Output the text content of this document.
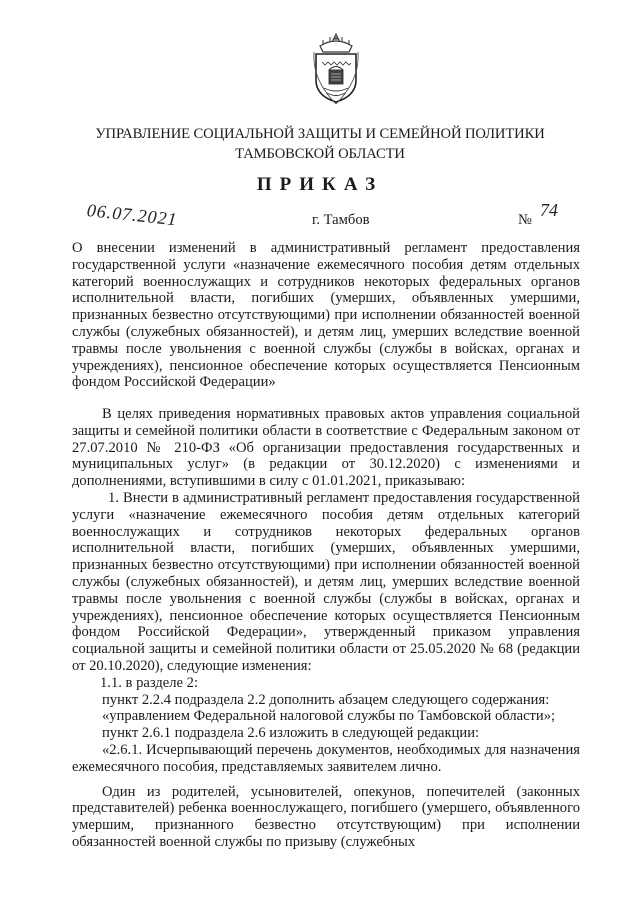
УПРАВЛЕНИЕ СОЦИАЛЬНОЙ ЗАЩИТЫ И СЕМЕЙНОЙ ПОЛИТИКИ
ТАМБОВСКОЙ ОБЛАСТИ
ПРИКАЗ
06.07.2021	г. Тамбов	№ 74

О внесении изменений в административный регламент предоставления государственной услуги «назначение ежемесячного пособия детям отдельных категорий военнослужащих и сотрудников некоторых федеральных органов исполнительной власти, погибших (умерших, объявленных умершими, признанных безвестно отсутствующими) при исполнении обязанностей военной службы (служебных обязанностей), и детям лиц, умерших вследствие военной травмы после увольнения с военной службы (службы в войсках, органах и учреждениях), пенсионное обеспечение которых осуществляется Пенсионным фондом Российской Федерации»

В целях приведения нормативных правовых актов управления социальной защиты и семейной политики области в соответствие с Федеральным законом от 27.07.2010 № 210-ФЗ «Об организации предоставления государственных и муниципальных услуг» (в редакции от 30.12.2020) с изменениями и дополнениями, вступившими в силу с 01.01.2021, приказываю:

1. Внести в административный регламент предоставления государственной услуги «назначение ежемесячного пособия детям отдельных категорий военнослужащих и сотрудников некоторых федеральных органов исполнительной власти, погибших (умерших, объявленных умершими, признанных безвестно отсутствующими) при исполнении обязанностей военной службы (служебных обязанностей), и детям лиц, умерших вследствие военной травмы после увольнения с военной службы (службы в войсках, органах и учреждениях), пенсионное обеспечение которых осуществляется Пенсионным фондом Российской Федерации», утвержденный приказом управления социальной защиты и семейной политики области от 25.05.2020 № 68 (редакции от 20.10.2020), следующие изменения:

1.1. в разделе 2:

пункт 2.2.4 подраздела 2.2 дополнить абзацем следующего содержания:

«управлением Федеральной налоговой службы по Тамбовской области»;

пункт 2.6.1 подраздела 2.6 изложить в следующей редакции:

«2.6.1. Исчерпывающий перечень документов, необходимых для назначения ежемесячного пособия, представляемых заявителем лично.

Один из родителей, усыновителей, опекунов, попечителей (законных представителей) ребенка военнослужащего, погибшего (умершего, объявленного умершим, признанного безвестно отсутствующим) при исполнении обязанностей военной службы по призыву (служебных
